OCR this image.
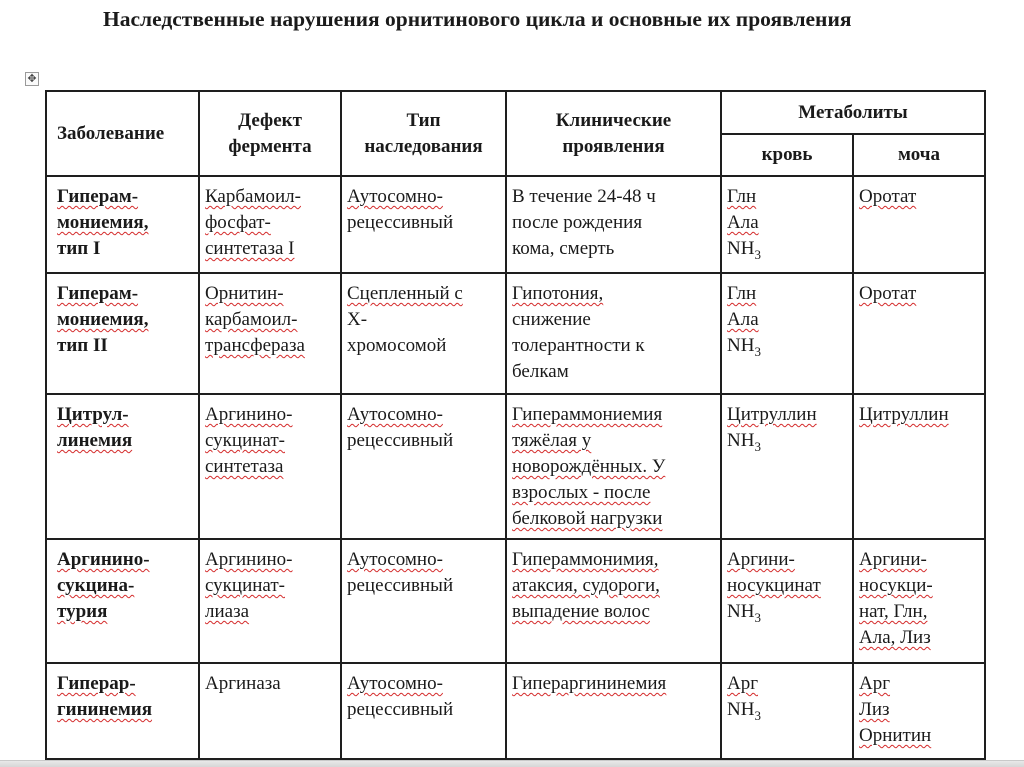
Наследственные нарушения орнитинового цикла и основные их проявления
✥
Заболевание	Дефект фермента	Тип наследования	Клинические проявления	Метаболиты	
				кровь	моча

Гиперам-
мониемия,
тип I	Карбамоил-
фосфат-
синтетаза I	Аутосомно-
рецессивный	В течение 24-48 ч
после рождения
кома, смерть	Глн
Ала
$NH_3$	Оротат

Гиперам-
мониемия,
тип II	Орнитин-
карбамоил-
трансфераза	Сцепленный с
Х-
хромосомой	Гипотония,
снижение
толерантности к
белкам	Глн
Ала
$NH_3$	Оротат

Цитрул-
линемия	Аргинино-
сукцинат-
синтетаза	Аутосомно-
рецессивный	Гипераммониемия
тяжёлая у
новорождённых. У
взрослых - после
белковой нагрузки	Цитруллин
$NH_3$	Цитруллин

Аргинино-
сукцина-
турия	Аргинино-
сукцинат-
лиаза	Аутосомно-
рецессивный	Гипераммонимия,
атаксия, судороги,
выпадение волос	Аргини-
носукцинат
$NH_3$	Аргини-
носукци-
нат, Глн,
Ала, Лиз

Гиперар-
гининемия	Аргиназа	Аутосомно-
рецессивный	Гипераргининемия	Арг
$NH_3$	Арг
Лиз
Орнитин
